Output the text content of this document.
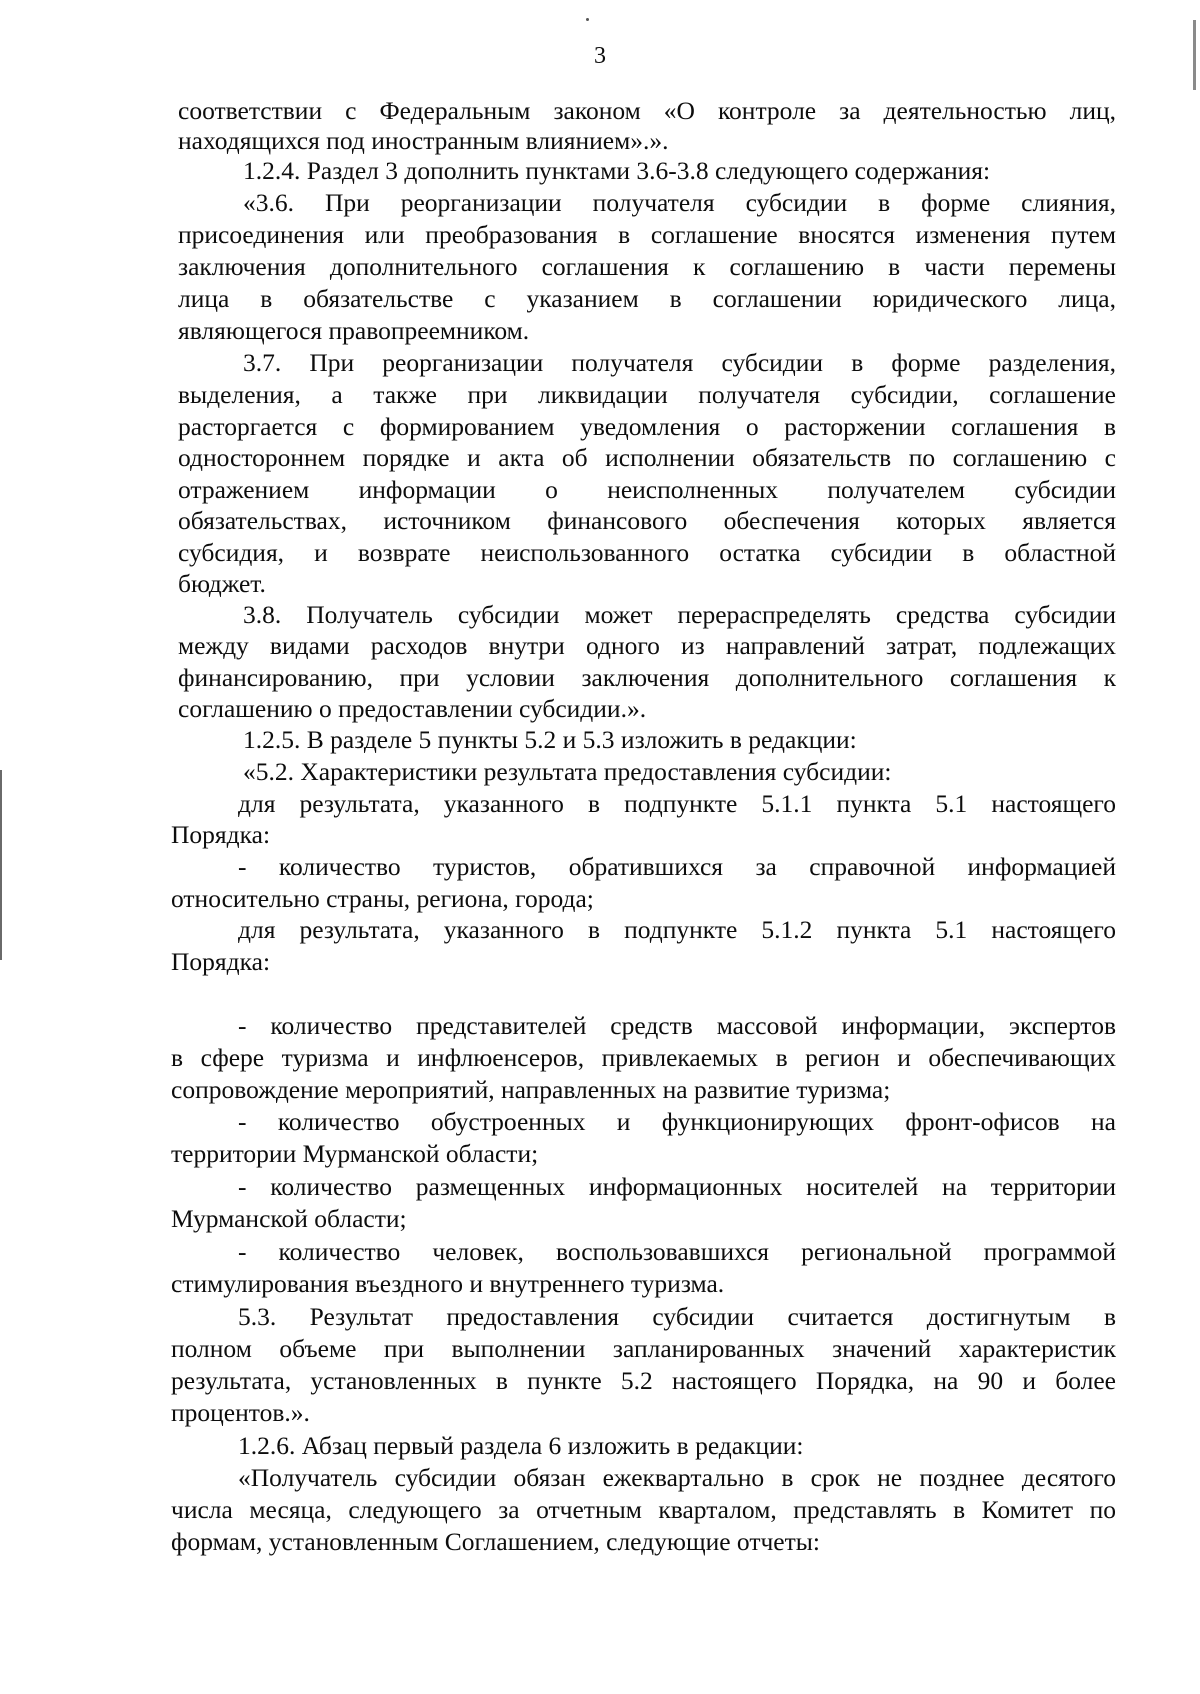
3
соответствии с Федеральным законом «О контроле за деятельностью лиц,
находящихся под иностранным влиянием».».
1.2.4. Раздел 3 дополнить пунктами 3.6-3.8 следующего содержания:
«3.6. При реорганизации получателя субсидии в форме слияния,
присоединения или преобразования в соглашение вносятся изменения путем
заключения дополнительного соглашения к соглашению в части перемены
лица в обязательстве с указанием в соглашении юридического лица,
являющегося правопреемником.
3.7. При реорганизации получателя субсидии в форме разделения,
выделения, а также при ликвидации получателя субсидии, соглашение
расторгается с формированием уведомления о расторжении соглашения в
одностороннем порядке и акта об исполнении обязательств по соглашению с
отражением информации о неисполненных получателем субсидии
обязательствах, источником финансового обеспечения которых является
субсидия, и возврате неиспользованного остатка субсидии в областной
бюджет.
3.8. Получатель субсидии может перераспределять средства субсидии
между видами расходов внутри одного из направлений затрат, подлежащих
финансированию, при условии заключения дополнительного соглашения к
соглашению о предоставлении субсидии.».
1.2.5. В разделе 5 пункты 5.2 и 5.3 изложить в редакции:
«5.2. Характеристики результата предоставления субсидии:
для результата, указанного в подпункте 5.1.1 пункта 5.1 настоящего
Порядка:
- количество туристов, обратившихся за справочной информацией
относительно страны, региона, города;
для результата, указанного в подпункте 5.1.2 пункта 5.1 настоящего
Порядка:
- количество представителей средств массовой информации, экспертов
в сфере туризма и инфлюенсеров, привлекаемых в регион и обеспечивающих
сопровождение мероприятий, направленных на развитие туризма;
- количество обустроенных и функционирующих фронт-офисов на
территории Мурманской области;
- количество размещенных информационных носителей на территории
Мурманской области;
- количество человек, воспользовавшихся региональной программой
стимулирования въездного и внутреннего туризма.
5.3. Результат предоставления субсидии считается достигнутым в
полном объеме при выполнении запланированных значений характеристик
результата, установленных в пункте 5.2 настоящего Порядка, на 90 и более
процентов.».
1.2.6. Абзац первый раздела 6 изложить в редакции:
«Получатель субсидии обязан ежеквартально в срок не позднее десятого
числа месяца, следующего за отчетным кварталом, представлять в Комитет по
формам, установленным Соглашением, следующие отчеты:
